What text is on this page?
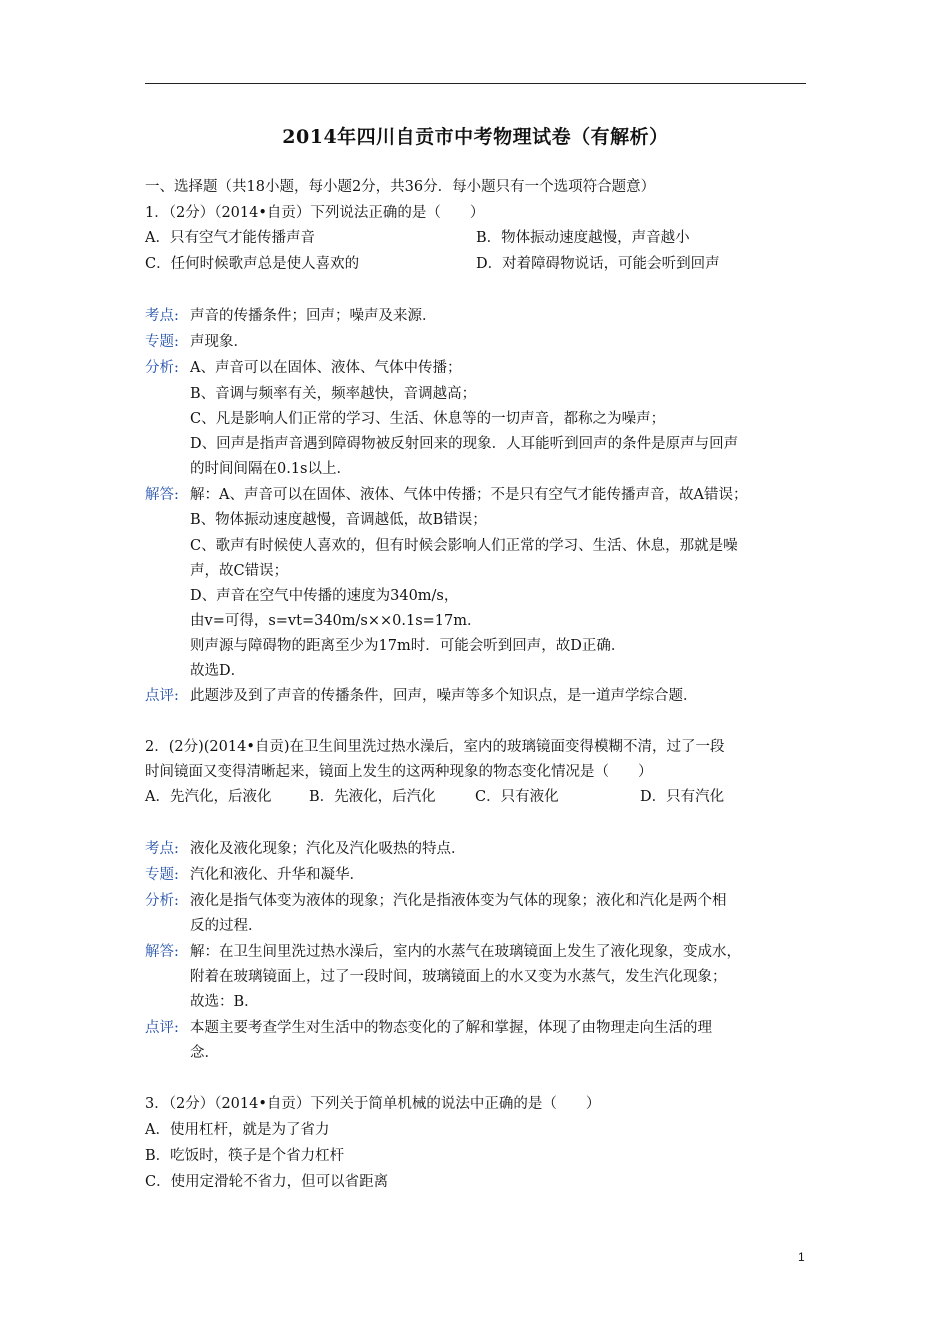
2014年四川自贡市中考物理试卷（有解析）
一、选择题（共18小题，每小题2分，共36分．每小题只有一个选项符合题意）
1．（2分）（2014•自贡）下列说法正确的是（　　）
A．只有空气才能传播声音	B．物体振动速度越慢，声音越小
C．任何时候歌声总是使人喜欢的	D．对着障碍物说话，可能会听到回声
考点: 声音的传播条件；回声；噪声及来源．
专题: 声现象．
分析: A、声音可以在固体、液体、气体中传播；
B、音调与频率有关，频率越快，音调越高；
C、凡是影响人们正常的学习、生活、休息等的一切声音，都称之为噪声；
D、回声是指声音遇到障碍物被反射回来的现象．人耳能听到回声的条件是原声与回声
的时间间隔在0.1s以上．
解答: 解：A、声音可以在固体、液体、气体中传播；不是只有空气才能传播声音，故A错误；
B、物体振动速度越慢，音调越低，故B错误；
C、歌声有时候使人喜欢的，但有时候会影响人们正常的学习、生活、休息，那就是噪
声，故C错误；
D、声音在空气中传播的速度为340m/s，
由v=可得，s=vt=340m/s××0.1s=17m．
则声源与障碍物的距离至少为17m时．可能会听到回声，故D正确．
故选D．
点评: 此题涉及到了声音的传播条件，回声，噪声等多个知识点，是一道声学综合题．
2．(2分)(2014•自贡)在卫生间里洗过热水澡后，室内的玻璃镜面变得模糊不清，过了一段
时间镜面又变得清晰起来，镜面上发生的这两种现象的物态变化情况是（　　）
A．先汽化，后液化	B．先液化，后汽化	C．只有液化	D．只有汽化
考点: 液化及液化现象；汽化及汽化吸热的特点．
专题: 汽化和液化、升华和凝华．
分析: 液化是指气体变为液体的现象；汽化是指液体变为气体的现象；液化和汽化是两个相
反的过程．
解答: 解：在卫生间里洗过热水澡后，室内的水蒸气在玻璃镜面上发生了液化现象，变成水，
附着在玻璃镜面上，过了一段时间，玻璃镜面上的水又变为水蒸气，发生汽化现象；
故选：B．
点评: 本题主要考查学生对生活中的物态变化的了解和掌握，体现了由物理走向生活的理
念．
3．（2分）（2014•自贡）下列关于简单机械的说法中正确的是（　　）
A．使用杠杆，就是为了省力
B．吃饭时，筷子是个省力杠杆
C．使用定滑轮不省力，但可以省距离
1
